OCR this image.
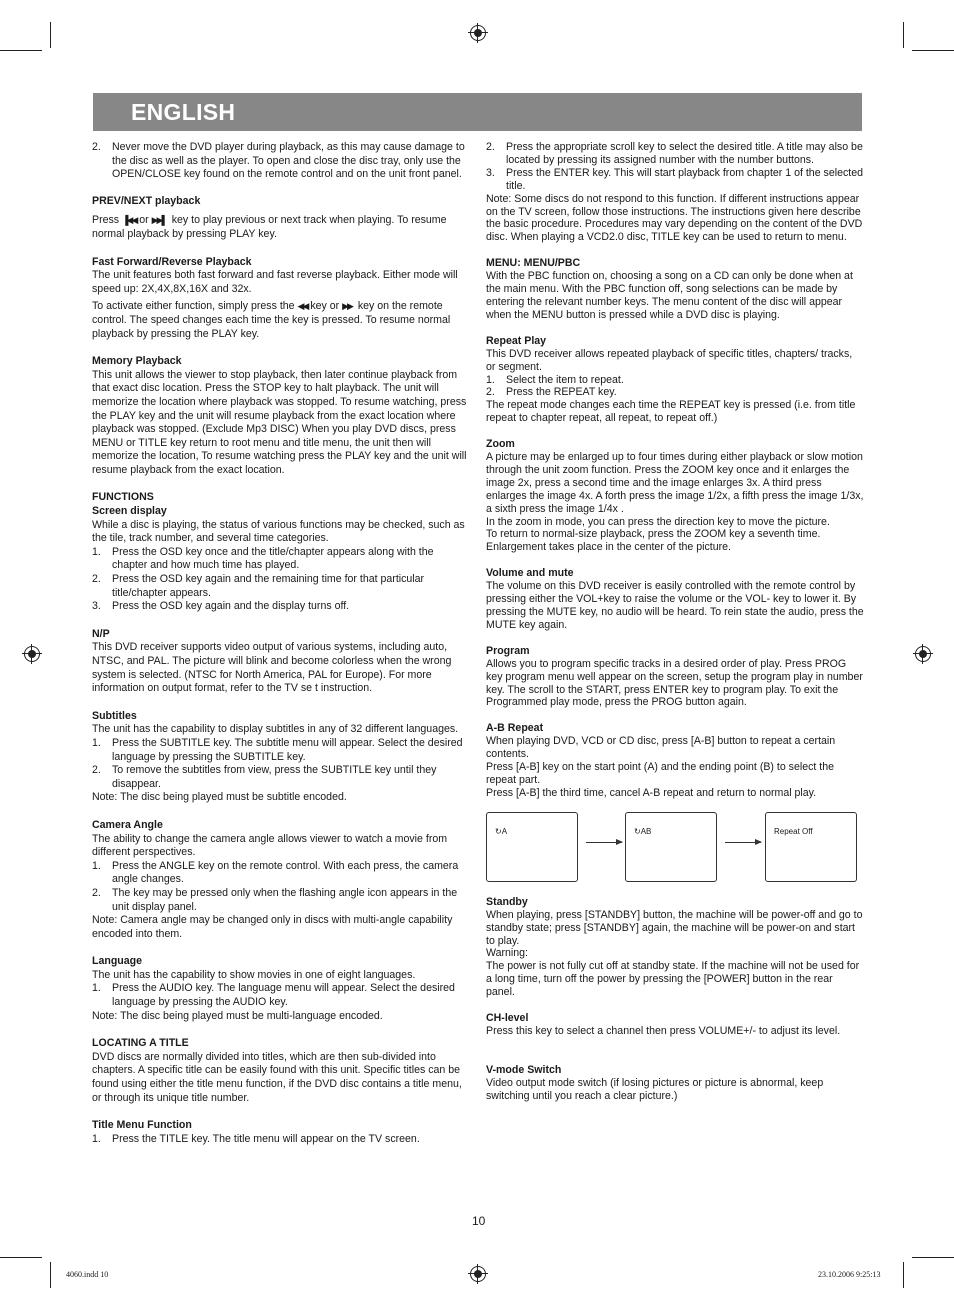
ENGLISH

2. Never move the DVD player during playback, as this may cause damage to the disc as well as the player. To open and close the disc tray, only use the OPEN/CLOSE key found on the remote control and on the unit front panel.

PREV/NEXT playback

Press ▐◀◀ or ▶▶▌ key to play previous or next track when playing. To resume normal playback by pressing PLAY key.

Fast Forward/Reverse Playback

The unit features both fast forward and fast reverse playback. Either mode will speed up: 2X,4X,8X,16X and 32x.

To activate either function, simply press the ◀◀ key or ▶▶ key on the remote control. The speed changes each time the key is pressed. To resume normal playback by pressing the PLAY key.

Memory Playback

This unit allows the viewer to stop playback, then later continue playback from that exact disc location. Press the STOP key to halt playback. The unit will memorize the location where playback was stopped. To resume watching, press the PLAY key and the unit will resume playback from the exact location where playback was stopped. (Exclude Mp3 DISC) When you play DVD discs, press MENU or TITLE key return to root menu and title menu, the unit then will memorize the location, To resume watching press the PLAY key and the unit will resume playback from the exact location.

FUNCTIONS

Screen display

While a disc is playing, the status of various functions may be checked, such as the tile, track number, and several time categories.

1. Press the OSD key once and the title/chapter appears along with the chapter and how much time has played.

2. Press the OSD key again and the remaining time for that particular title/chapter appears.

3. Press the OSD key again and the display turns off.

N/P

This DVD receiver supports video output of various systems, including auto, NTSC, and PAL. The picture will blink and become colorless when the wrong system is selected. (NTSC for North America, PAL for Europe). For more information on output format, refer to the TV se t instruction.

Subtitles

The unit has the capability to display subtitles in any of 32 different languages.

1. Press the SUBTITLE key. The subtitle menu will appear. Select the desired language by pressing the SUBTITLE key.

2. To remove the subtitles from view, press the SUBTITLE key until they disappear.

Note: The disc being played must be subtitle encoded.

Camera Angle

The ability to change the camera angle allows viewer to watch a movie from different perspectives.

1. Press the ANGLE key on the remote control. With each press, the camera angle changes.

2. The key may be pressed only when the flashing angle icon appears in the unit display panel.

Note: Camera angle may be changed only in discs with multi-angle capability encoded into them.

Language

The unit has the capability to show movies in one of eight languages.

1. Press the AUDIO key. The language menu will appear. Select the desired language by pressing the AUDIO key.

Note: The disc being played must be multi-language encoded.

LOCATING A TITLE

DVD discs are normally divided into titles, which are then sub-divided into chapters. A specific title can be easily found with this unit. Specific titles can be found using either the title menu function, if the DVD disc contains a title menu, or through its unique title number.

Title Menu Function

1. Press the TITLE key. The title menu will appear on the TV screen.

2. Press the appropriate scroll key to select the desired title. A title may also be located by pressing its assigned number with the number buttons.

3. Press the ENTER key. This will start playback from chapter 1 of the selected title.

Note: Some discs do not respond to this function. If different instructions appear on the TV screen, follow those instructions. The instructions given here describe the basic procedure. Procedures may vary depending on the content of the DVD disc. When playing a VCD2.0 disc, TITLE key can be used to return to menu.

MENU: MENU/PBC

With the PBC function on, choosing a song on a CD can only be done when at the main menu. With the PBC function off, song selections can be made by entering the relevant number keys. The menu content of the disc will appear when the MENU button is pressed while a DVD disc is playing.

Repeat Play

This DVD receiver allows repeated playback of specific titles, chapters/ tracks, or segment.

1. Select the item to repeat.

2. Press the REPEAT key.

The repeat mode changes each time the REPEAT key is pressed (i.e. from title repeat to chapter repeat, all repeat, to repeat off.)

Zoom

A picture may be enlarged up to four times during either playback or slow motion through the unit zoom function. Press the ZOOM key once and it enlarges the image 2x, press a second time and the image enlarges 3x. A third press enlarges the image 4x. A forth press the image 1/2x, a fifth press the image 1/3x, a sixth press the image 1/4x .

In the zoom in mode, you can press the direction key to move the picture.

To return to normal-size playback, press the ZOOM key a seventh time. Enlargement takes place in the center of the picture.

Volume and mute

The volume on this DVD receiver is easily controlled with the remote control by pressing either the VOL+key to raise the volume or the VOL- key to lower it. By pressing the MUTE key, no audio will be heard. To rein state the audio, press the MUTE key again.

Program

Allows you to program specific tracks in a desired order of play. Press PROG key program menu well appear on the screen, setup the program play in number key. The scroll to the START, press ENTER key to program play. To exit the Programmed play mode, press the PROG button again.

A-B Repeat

When playing DVD, VCD or CD disc, press [A-B] button to repeat a certain contents.

Press [A-B] key on the start point (A) and the ending point (B) to select the repeat part.

Press [A-B] the third time, cancel A-B repeat and return to normal play.

↻A	↻AB	Repeat Off

Standby

When playing, press [STANDBY] button, the machine will be power-off and go to standby state; press [STANDBY] again, the machine will be power-on and start to play.

Warning:

The power is not fully cut off at standby state. If the machine will not be used for a long time, turn off the power by pressing the [POWER] button in the rear panel.

CH-level

Press this key to select a channel then press VOLUME+/- to adjust its level.

V-mode Switch

Video output mode switch (if losing pictures or picture is abnormal, keep switching until you reach a clear picture.)

10
4060.indd 10	23.10.2006 9:25:13
